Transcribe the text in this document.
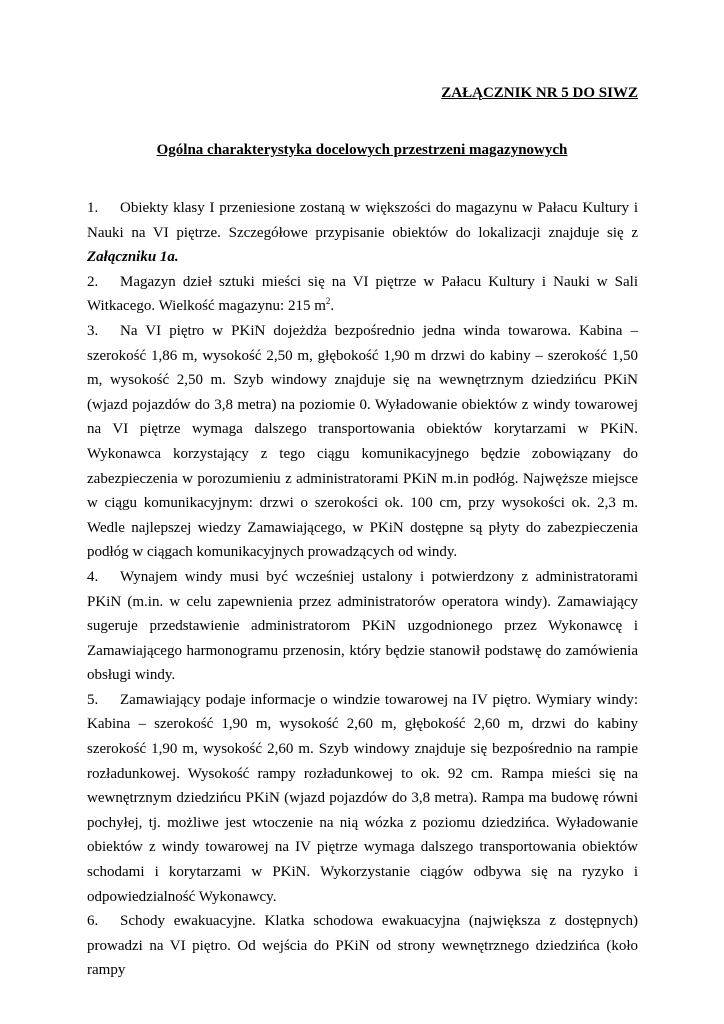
ZAŁĄCZNIK NR 5 DO SIWZ
Ogólna charakterystyka docelowych przestrzeni magazynowych

1. Obiekty klasy I przeniesione zostaną w większości do magazynu w Pałacu Kultury i Nauki na VI piętrze. Szczegółowe przypisanie obiektów do lokalizacji znajduje się z Załączniku 1a.

2. Magazyn dzieł sztuki mieści się na VI piętrze w Pałacu Kultury i Nauki w Sali Witkacego. Wielkość magazynu: 215 $m^2$.

3. Na VI piętro w PKiN dojeżdża bezpośrednio jedna winda towarowa. Kabina – szerokość 1,86 m, wysokość 2,50 m, głębokość 1,90 m drzwi do kabiny – szerokość 1,50 m, wysokość 2,50 m. Szyb windowy znajduje się na wewnętrznym dziedzińcu PKiN (wjazd pojazdów do 3,8 metra) na poziomie 0. Wyładowanie obiektów z windy towarowej na VI piętrze wymaga dalszego transportowania obiektów korytarzami w PKiN. Wykonawca korzystający z tego ciągu komunikacyjnego będzie zobowiązany do zabezpieczenia w porozumieniu z administratorami PKiN m.in podłóg. Najwęższe miejsce w ciągu komunikacyjnym: drzwi o szerokości ok. 100 cm, przy wysokości ok. 2,3 m. Wedle najlepszej wiedzy Zamawiającego, w PKiN dostępne są płyty do zabezpieczenia podłóg w ciągach komunikacyjnych prowadzących od windy.

4. Wynajem windy musi być wcześniej ustalony i potwierdzony z administratorami PKiN (m.in. w celu zapewnienia przez administratorów operatora windy). Zamawiający sugeruje przedstawienie administratorom PKiN uzgodnionego przez Wykonawcę i Zamawiającego harmonogramu przenosin, który będzie stanowił podstawę do zamówienia obsługi windy.

5. Zamawiający podaje informacje o windzie towarowej na IV piętro. Wymiary windy: Kabina – szerokość 1,90 m, wysokość 2,60 m, głębokość 2,60 m, drzwi do kabiny szerokość 1,90 m, wysokość 2,60 m. Szyb windowy znajduje się bezpośrednio na rampie rozładunkowej. Wysokość rampy rozładunkowej to ok. 92 cm. Rampa mieści się na wewnętrznym dziedzińcu PKiN (wjazd pojazdów do 3,8 metra). Rampa ma budowę równi pochyłej, tj. możliwe jest wtoczenie na nią wózka z poziomu dziedzińca. Wyładowanie obiektów z windy towarowej na IV piętrze wymaga dalszego transportowania obiektów schodami i korytarzami w PKiN. Wykorzystanie ciągów odbywa się na ryzyko i odpowiedzialność Wykonawcy.

6. Schody ewakuacyjne. Klatka schodowa ewakuacyjna (największa z dostępnych) prowadzi na VI piętro. Od wejścia do PKiN od strony wewnętrznego dziedzińca (koło rampy
